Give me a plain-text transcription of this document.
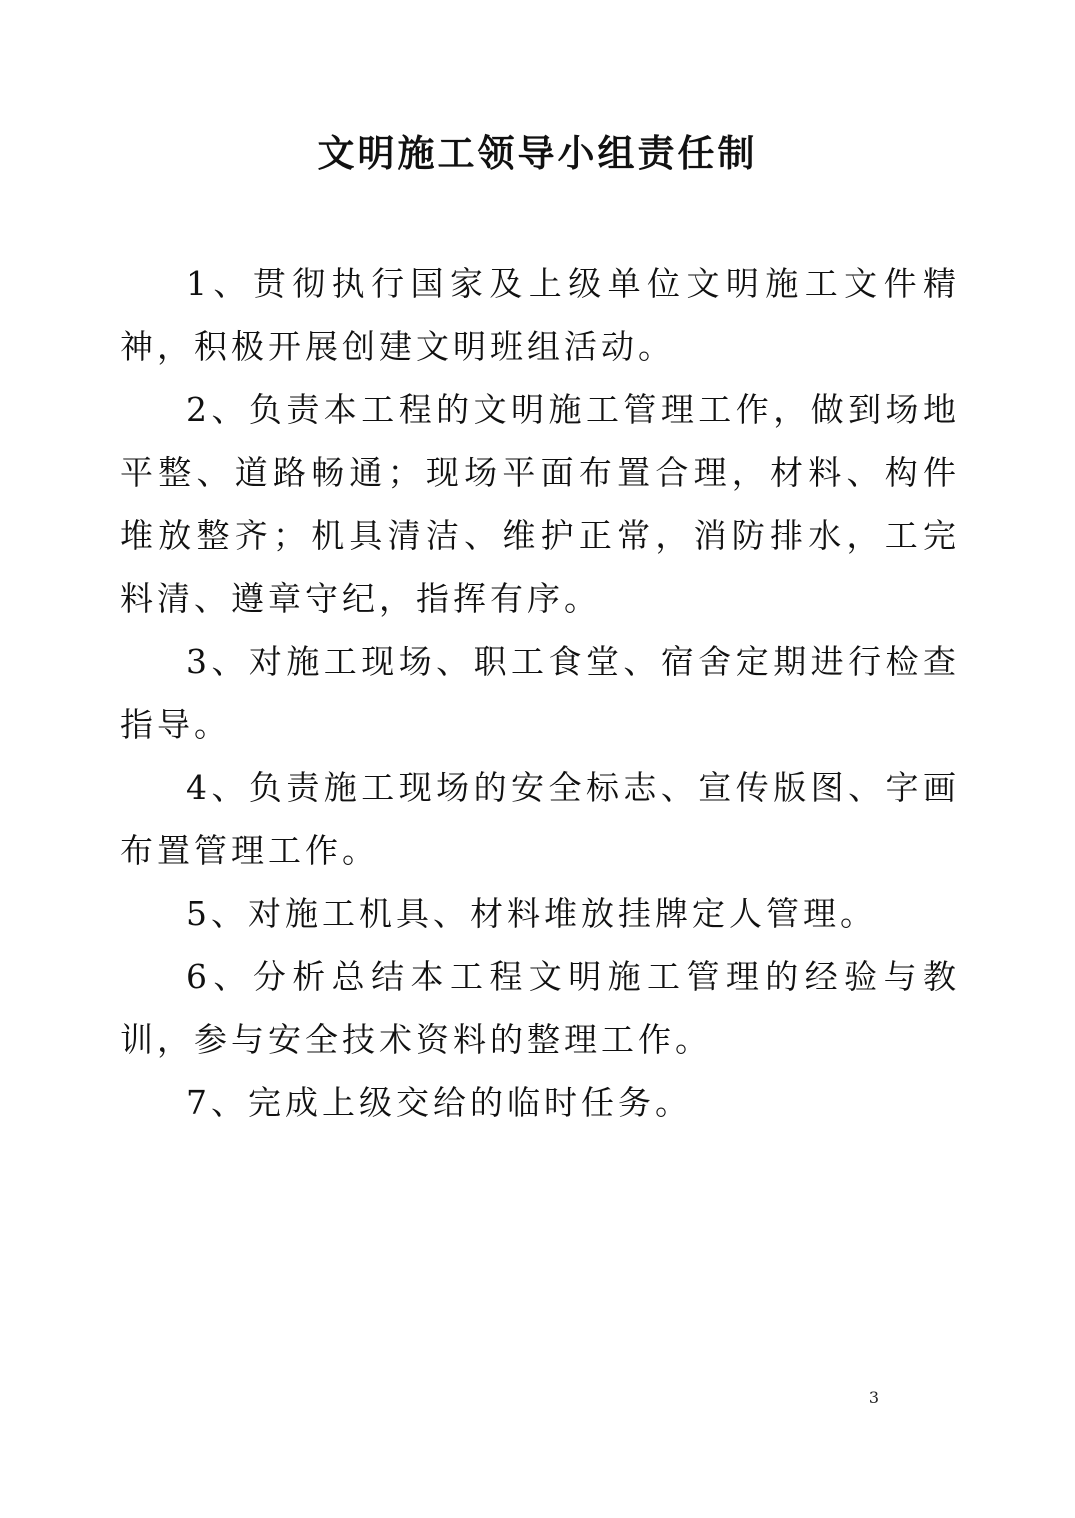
文明施工领导小组责任制

1、贯彻执行国家及上级单位文明施工文件精神，积极开展创建文明班组活动。

2、负责本工程的文明施工管理工作，做到场地平整、道路畅通；现场平面布置合理，材料、构件堆放整齐；机具清洁、维护正常，消防排水，工完料清、遵章守纪，指挥有序。

3、对施工现场、职工食堂、宿舍定期进行检查指导。

4、负责施工现场的安全标志、宣传版图、字画布置管理工作。

5、对施工机具、材料堆放挂牌定人管理。

6、分析总结本工程文明施工管理的经验与教训，参与安全技术资料的整理工作。

7、完成上级交给的临时任务。

3
